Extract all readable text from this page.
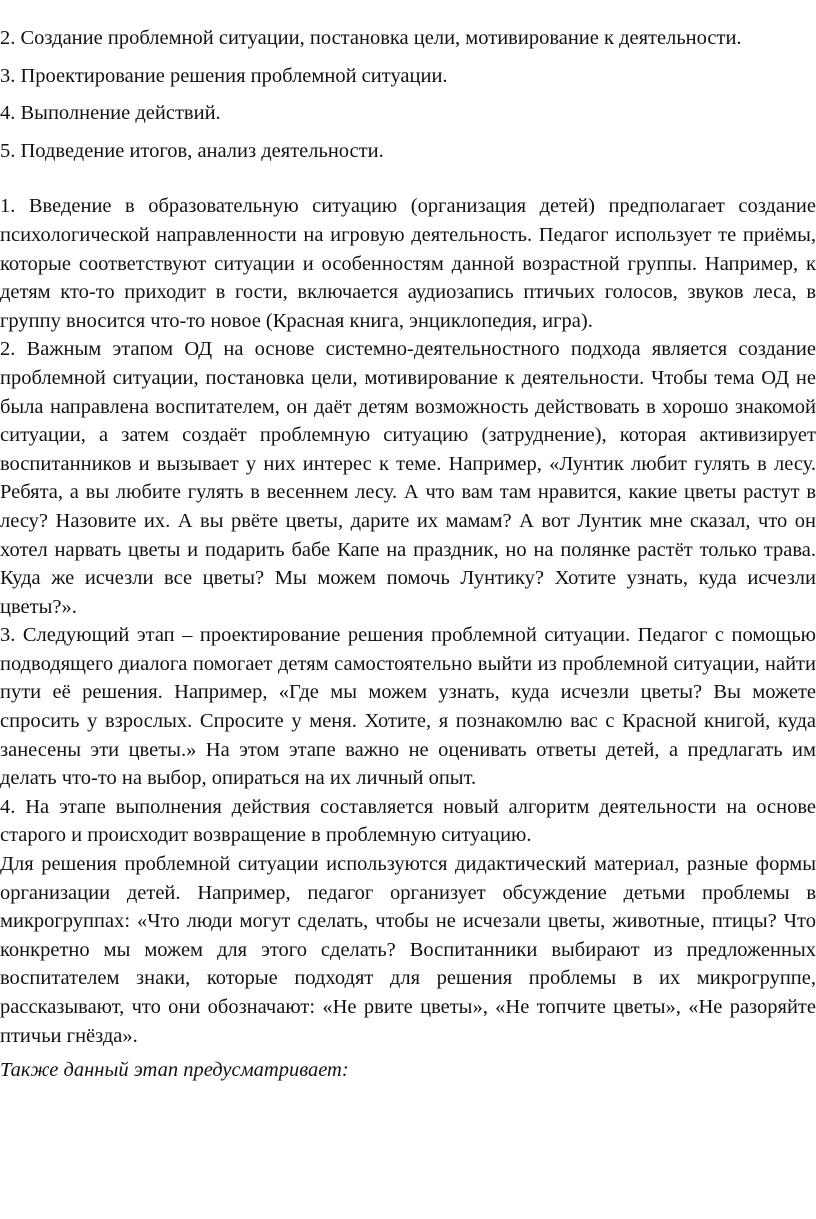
2. Создание проблемной ситуации, постановка цели, мотивирование к деятельности.

3. Проектирование решения проблемной ситуации.

4. Выполнение действий.

5. Подведение итогов, анализ деятельности.

1. Введение в образовательную ситуацию (организация детей) предполагает создание психологической направленности на игровую деятельность. Педагог использует те приёмы, которые соответствуют ситуации и особенностям данной возрастной группы. Например, к детям кто-то приходит в гости, включается аудиозапись птичьих голосов, звуков леса, в группу вносится что-то новое (Красная книга, энциклопедия, игра).

2. Важным этапом ОД на основе системно-деятельностного подхода является создание проблемной ситуации, постановка цели, мотивирование к деятельности. Чтобы тема ОД не была направлена воспитателем, он даёт детям возможность действовать в хорошо знакомой ситуации, а затем создаёт проблемную ситуацию (затруднение), которая активизирует воспитанников и вызывает у них интерес к теме. Например, «Лунтик любит гулять в лесу. Ребята, а вы любите гулять в весеннем лесу. А что вам там нравится, какие цветы растут в лесу? Назовите их. А вы рвёте цветы, дарите их мамам? А вот Лунтик мне сказал, что он хотел нарвать цветы и подарить бабе Капе на праздник, но на полянке растёт только трава. Куда же исчезли все цветы? Мы можем помочь Лунтику? Хотите узнать, куда исчезли цветы?».

3. Следующий этап – проектирование решения проблемной ситуации. Педагог с помощью подводящего диалога помогает детям самостоятельно выйти из проблемной ситуации, найти пути её решения. Например, «Где мы можем узнать, куда исчезли цветы? Вы можете спросить у взрослых. Спросите у меня. Хотите, я познакомлю вас с Красной книгой, куда занесены эти цветы.» На этом этапе важно не оценивать ответы детей, а предлагать им делать что-то на выбор, опираться на их личный опыт.

4. На этапе выполнения действия составляется новый алгоритм деятельности на основе старого и происходит возвращение в проблемную ситуацию.

Для решения проблемной ситуации используются дидактический материал, разные формы организации детей. Например, педагог организует обсуждение детьми проблемы в микрогруппах: «Что люди могут сделать, чтобы не исчезали цветы, животные, птицы? Что конкретно мы можем для этого сделать? Воспитанники выбирают из предложенных воспитателем знаки, которые подходят для решения проблемы в их микрогруппе, рассказывают, что они обозначают: «Не рвите цветы», «Не топчите цветы», «Не разоряйте птичьи гнёзда».

Также данный этап предусматривает:
